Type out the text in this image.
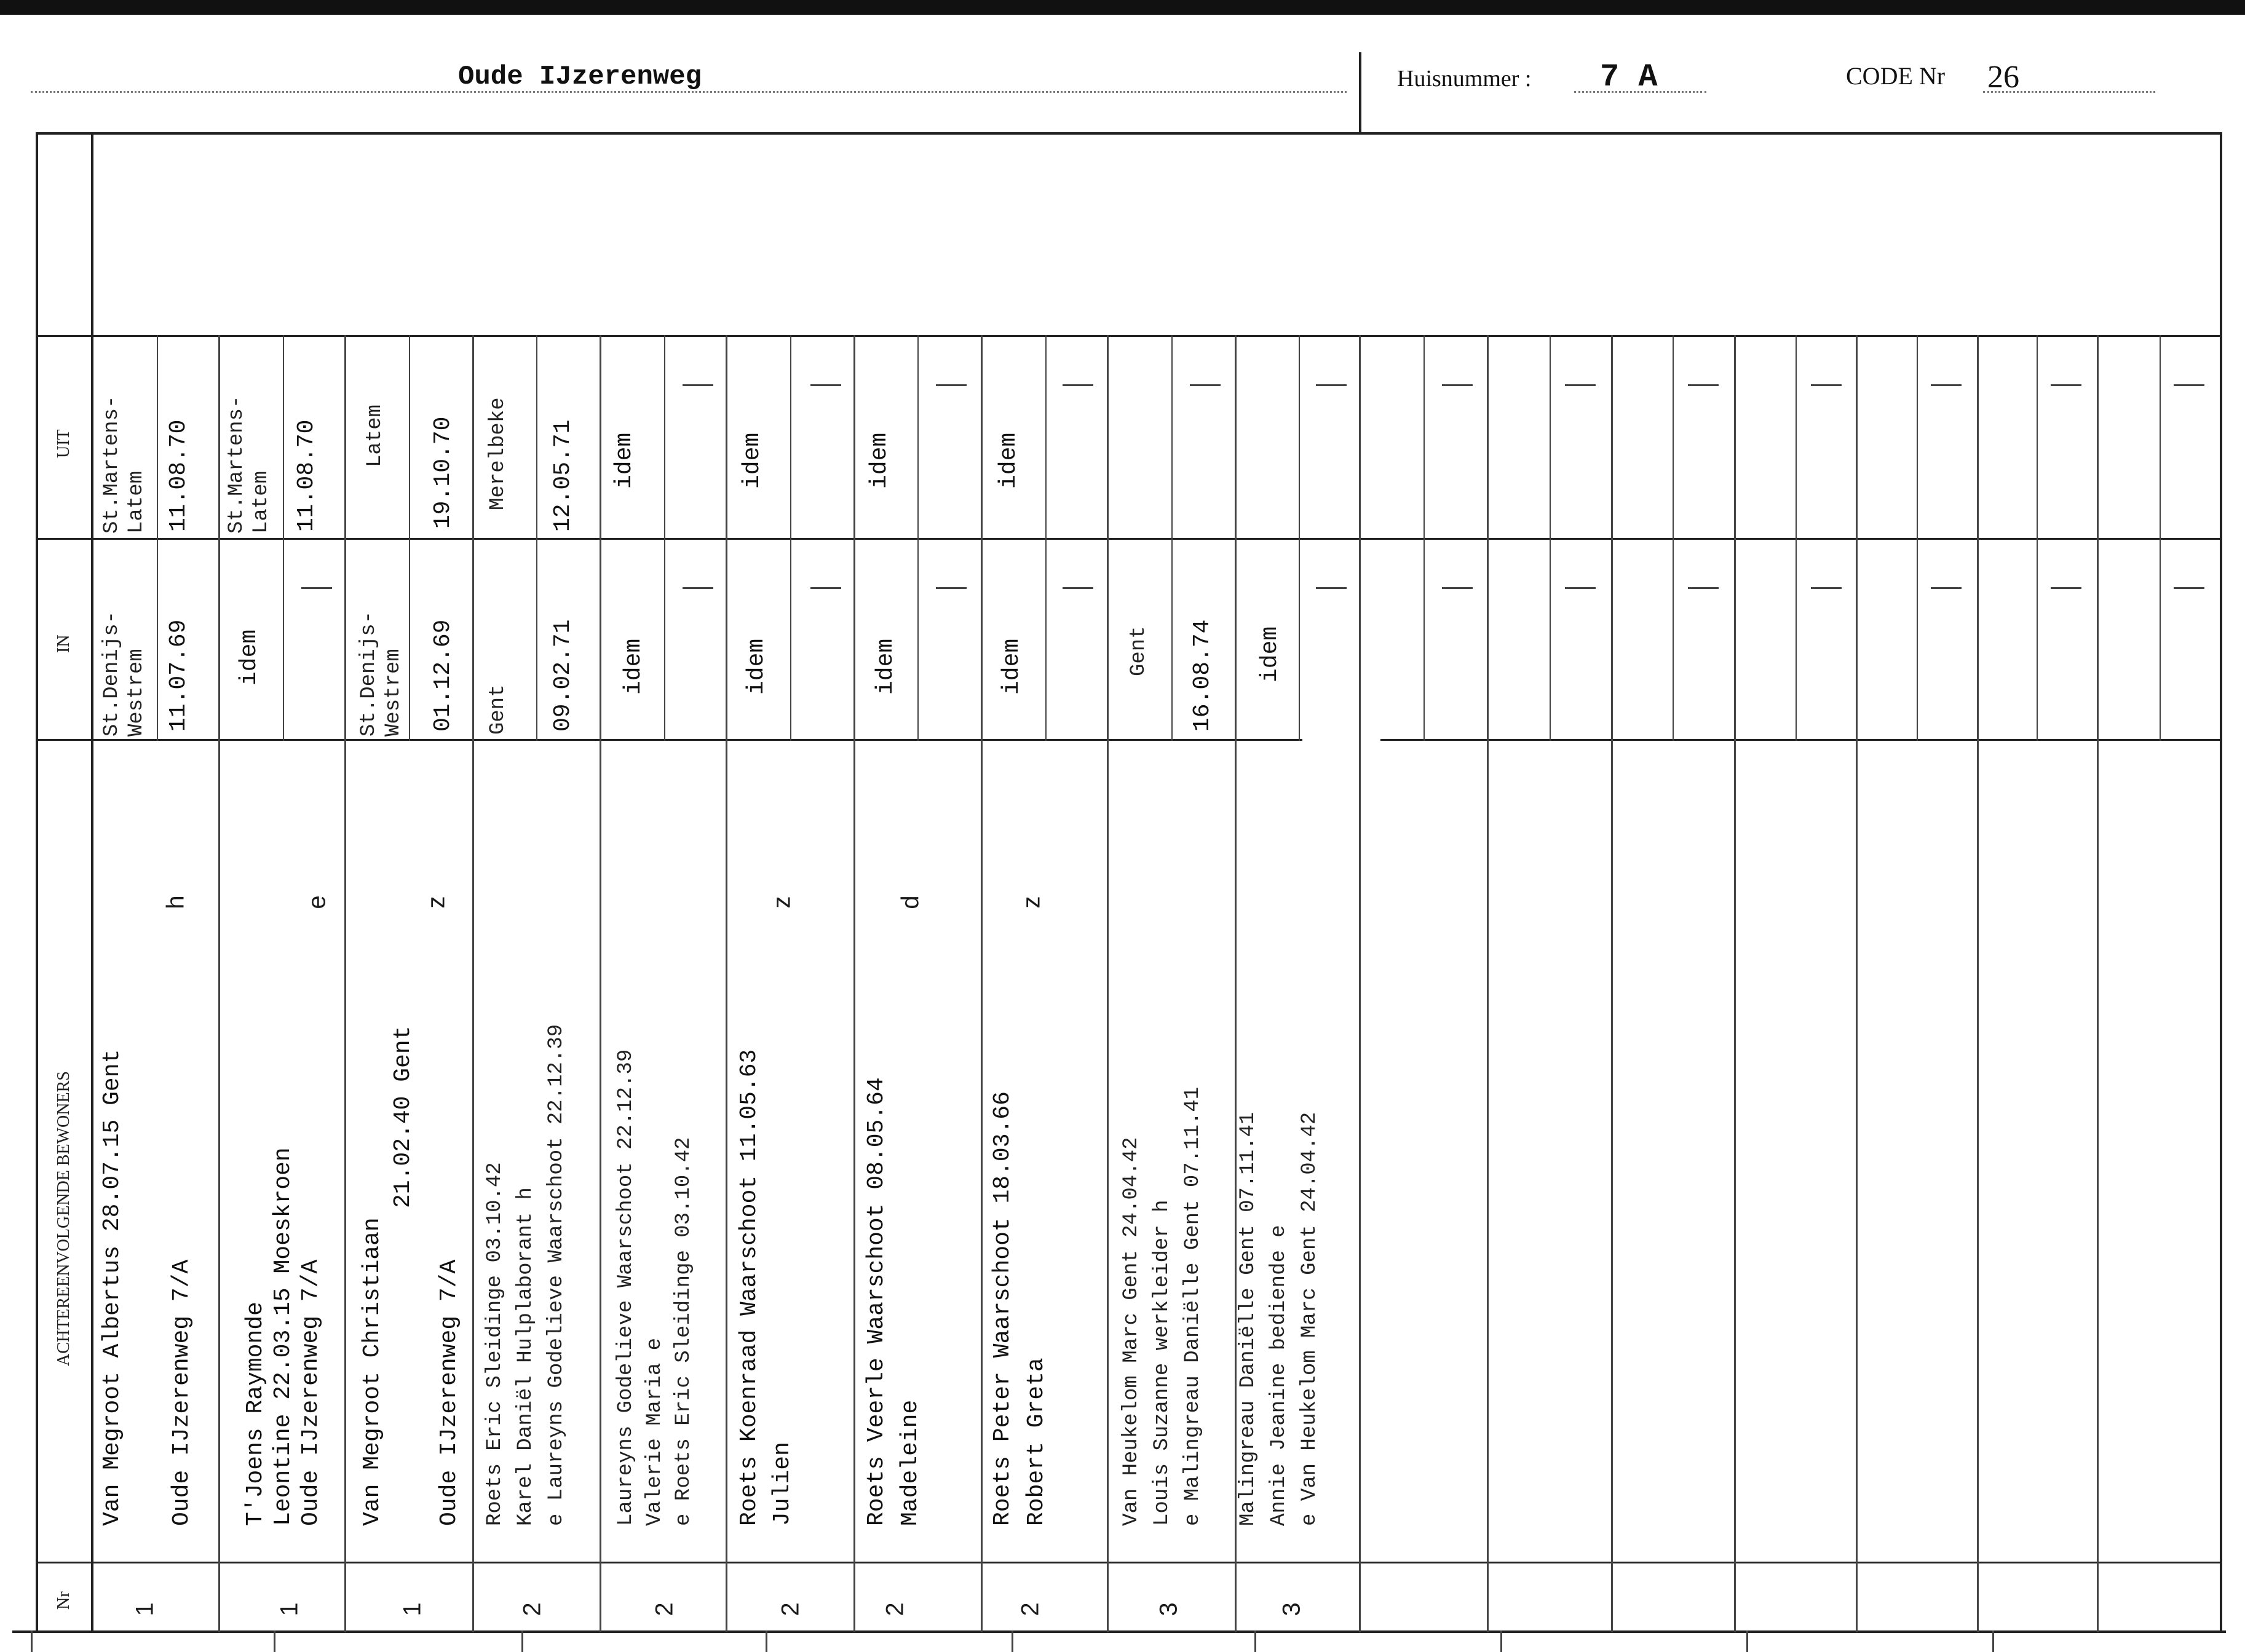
Oude IJzerenweg	Huisnummer : 7 A	CODE Nr 26
UIT
IN
ACHTEREENVOLGENDE BEWONERS
Nr
St.Martens-
Latem 11.08.70
St.Denijs-
Westrem 11.07.69
Van Megroot Albertus 28.07.15 Gent Oude IJzerenweg 7/A
h
1
St.Martens-
Latem 11.08.70
idem
T'Joens Raymonde Leontine 22.03.15 Moeskroen Oude IJzerenweg 7/A
e
1
Latem 19.10.70
St.Denijs-
Westrem 01.12.69
Van Megroot Christiaan
21.02.40 Gent
Oude IJzerenweg 7/A
z
1
Merelbeke 12.05.71
Gent 09.02.71
Roets Eric Sleidinge 03.10.42 Karel Daniël Hulplaborant h e Laureyns Godelieve Waarschoot 22.12.39
2
idem
idem
Laureyns Godelieve Waarschoot 22.12.39 Valerie Maria e e Roets Eric Sleidinge 03.10.42
2
idem
idem
Roets Koenraad Waarschoot 11.05.63 Julien
z
2
idem
idem
Roets Veerle Waarschoot 08.05.64 Madeleine
d
2
idem
idem
Roets Peter Waarschoot 18.03.66 Robert Greta
z
2
Gent 16.08.74
Van Heukelom Marc Gent 24.04.42 Louis Suzanne werkleider h e Malingreau Daniëlle Gent 07.11.41
3
idem
Malingreau Daniëlle Gent 07.11.41 Annie Jeanine bediende e e Van Heukelom Marc Gent 24.04.42
3
